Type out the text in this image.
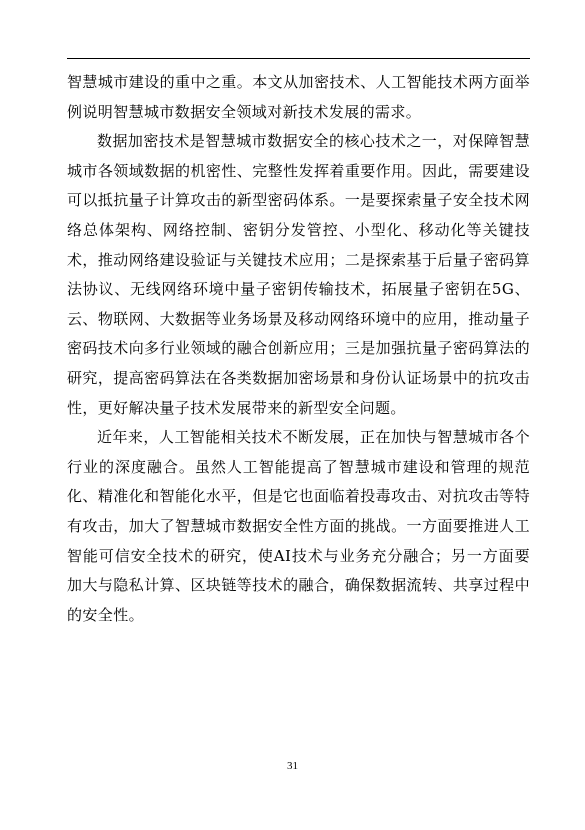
智慧城市建设的重中之重。本文从加密技术、人工智能技术两方面举例说明智慧城市数据安全领域对新技术发展的需求。

数据加密技术是智慧城市数据安全的核心技术之一，对保障智慧城市各领域数据的机密性、完整性发挥着重要作用。因此，需要建设可以抵抗量子计算攻击的新型密码体系。一是要探索量子安全技术网络总体架构、网络控制、密钥分发管控、小型化、移动化等关键技术，推动网络建设验证与关键技术应用；二是探索基于后量子密码算法协议、无线网络环境中量子密钥传输技术，拓展量子密钥在5G、云、物联网、大数据等业务场景及移动网络环境中的应用，推动量子密码技术向多行业领域的融合创新应用；三是加强抗量子密码算法的研究，提高密码算法在各类数据加密场景和身份认证场景中的抗攻击性，更好解决量子技术发展带来的新型安全问题。

近年来，人工智能相关技术不断发展，正在加快与智慧城市各个行业的深度融合。虽然人工智能提高了智慧城市建设和管理的规范化、精准化和智能化水平，但是它也面临着投毒攻击、对抗攻击等特有攻击，加大了智慧城市数据安全性方面的挑战。一方面要推进人工智能可信安全技术的研究，使AI技术与业务充分融合；另一方面要加大与隐私计算、区块链等技术的融合，确保数据流转、共享过程中的安全性。

31
